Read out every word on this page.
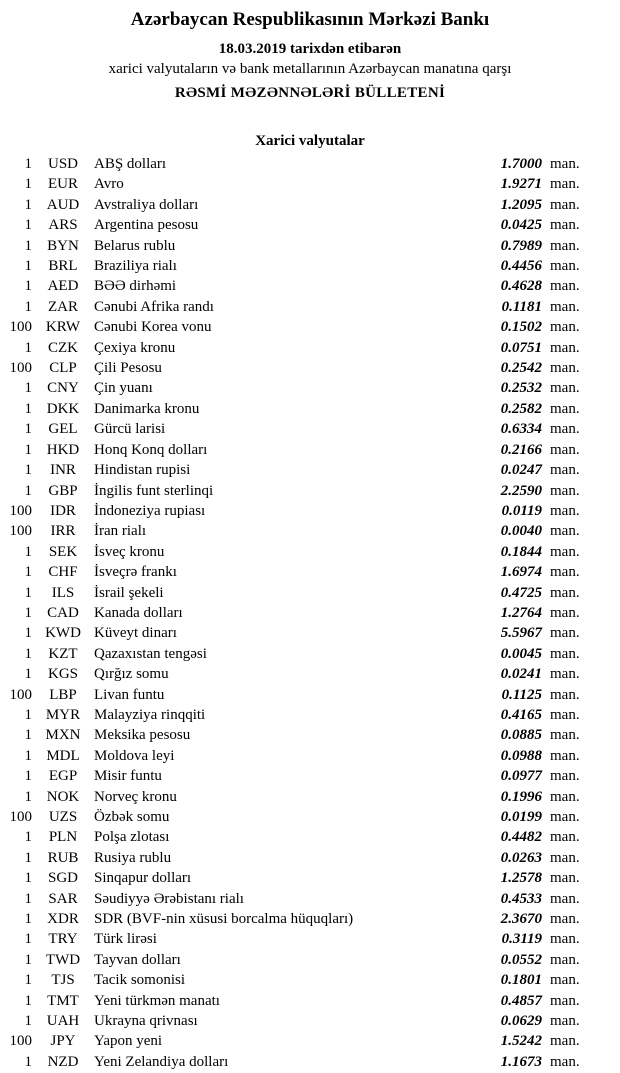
Azərbaycan Respublikasının Mərkəzi Bankı
18.03.2019 tarixdən etibarən
xarici valyutaların və bank metallarının Azərbaycan manatına qarşı
RƏSMİ MƏZƏNNƏLƏRİ BÜLLETENİ
Xarici valyutalar
1	USD	ABŞ dolları	1.7000 man.
1	EUR	Avro	1.9271 man.
1 AUD Avstraliya dolları	1.2095 man.
1	ARS	Argentina pesosu	0.0425 man.
1	BYN	Belarus rublu	0.7989 man.
1	BRL	Braziliya rialı	0.4456 man.
1	AED	BƏƏ dirhəmi	0.4628 man.
1	ZAR	Cənubi Afrika randı	0.1181 man.
100 KRW Cənubi Korea vonu	0.1502 man.
1	CZK	Çexiya kronu	0.0751 man.
100	CLP	Çili Pesosu	0.2542 man.
1	CNY	Çin yuanı	0.2532 man.
1 DKK Danimarka kronu	0.2582 man.
1	GEL	Gürcü larisi	0.6334 man.
1 HKD Honq Konq dolları	0.2166 man.
1	INR	Hindistan rupisi	0.0247 man.
1	GBP	İngilis funt sterlinqi	2.2590 man.
100	IDR	İndoneziya rupiası	0.0119 man.
100	IRR	İran rialı	0.0040 man.
1	SEK	İsveç kronu	0.1844 man.
1	CHF	İsveçrə frankı	1.6974 man.
1	ILS	İsrail şekeli	0.4725 man.
1	CAD	Kanada dolları	1.2764 man.
1 KWD Küveyt dinarı	5.5967 man.
1	KZT	Qazaxıstan tengəsi	0.0045 man.
1	KGS	Qırğız somu	0.0241 man.
100	LBP	Livan funtu	0.1125 man.
1 MYR Malayziya rinqqiti	0.4165 man.
1 MXN Meksika pesosu	0.0885 man.
1 MDL Moldova leyi	0.0988 man.
1	EGP	Misir funtu	0.0977 man.
1 NOK Norveç kronu	0.1996 man.
100	UZS	Özbək somu	0.0199 man.
1	PLN	Polşa zlotası	0.4482 man.
1	RUB	Rusiya rublu	0.0263 man.
1	SGD	Sinqapur dolları	1.2578 man.
1	SAR	Səudiyyə Ərəbistanı rialı	0.4533 man.
1	XDR	SDR (BVF-nin xüsusi borcalma hüquqları)	2.3670 man.
1	TRY	Türk lirəsi	0.3119 man.
1 TWD Tayvan dolları	0.0552 man.
1	TJS	Tacik somonisi	0.1801 man.
1	TMT	Yeni türkmən manatı	0.4857 man.
1 UAH Ukrayna qrivnası	0.0629 man.
100	JPY	Yapon yeni	1.5242 man.
1	NZD	Yeni Zelandiya dolları	1.1673 man.
